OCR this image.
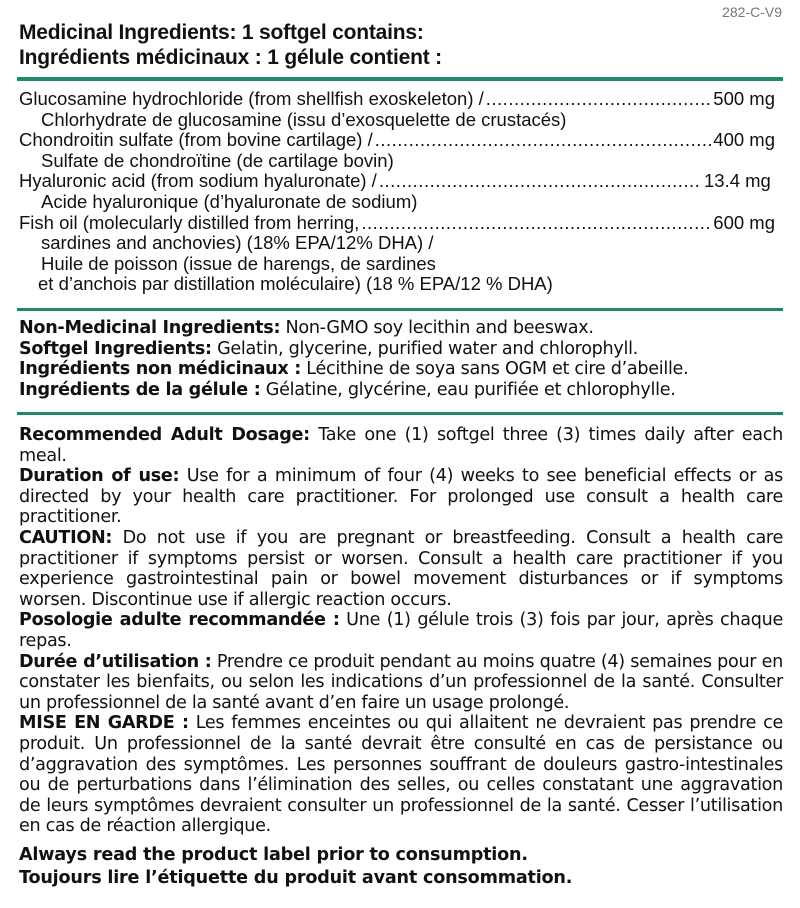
282-C-V9
Medicinal Ingredients: 1 softgel contains:
Ingrédients médicinaux : 1 gélule contient :
Glucosamine hydrochloride (from shellfish exoskeleton) / .....	500 mg
Chlorhydrate de glucosamine (issu d’exosquelette de crustacés)
Chondroitin sulfate (from bovine cartilage) / .....	400 mg
Sulfate de chondroïtine (de cartilage bovin)
Hyaluronic acid (from sodium hyaluronate) / .....	13.4 mg
Acide hyaluronique (d’hyaluronate de sodium)
Fish oil (molecularly distilled from herring, .....	600 mg
sardines and anchovies) (18% EPA/12% DHA) /
Huile de poisson (issue de harengs, de sardines
et d’anchois par distillation moléculaire) (18 % EPA/12 % DHA)

Non-Medicinal Ingredients: Non-GMO soy lecithin and beeswax.

Softgel Ingredients: Gelatin, glycerine, purified water and chlorophyll.

Ingrédients non médicinaux : Lécithine de soya sans OGM et cire d’abeille.

Ingrédients de la gélule : Gélatine, glycérine, eau purifiée et chlorophylle.

Recommended Adult Dosage: Take one (1) softgel three (3) times daily after each meal.

Duration of use: Use for a minimum of four (4) weeks to see beneficial effects or as directed by your health care practitioner. For prolonged use consult a health care practitioner.

CAUTION: Do not use if you are pregnant or breastfeeding. Consult a health care practitioner if symptoms persist or worsen. Consult a health care practitioner if you experience gastrointestinal pain or bowel movement disturbances or if symptoms worsen. Discontinue use if allergic reaction occurs.

Posologie adulte recommandée : Une (1) gélule trois (3) fois par jour, après chaque repas.

Durée d’utilisation : Prendre ce produit pendant au moins quatre (4) semaines pour en constater les bienfaits, ou selon les indications d’un professionnel de la santé. Consulter un professionnel de la santé avant d’en faire un usage prolongé.

MISE EN GARDE : Les femmes enceintes ou qui allaitent ne devraient pas prendre ce produit. Un professionnel de la santé devrait être consulté en cas de persistance ou d’aggravation des symptômes. Les personnes souffrant de douleurs gastro-intestinales ou de perturbations dans l’élimination des selles, ou celles constatant une aggravation de leurs symptômes devraient consulter un professionnel de la santé. Cesser l’utilisation en cas de réaction allergique.

Always read the product label prior to consumption.
Toujours lire l’étiquette du produit avant consommation.
